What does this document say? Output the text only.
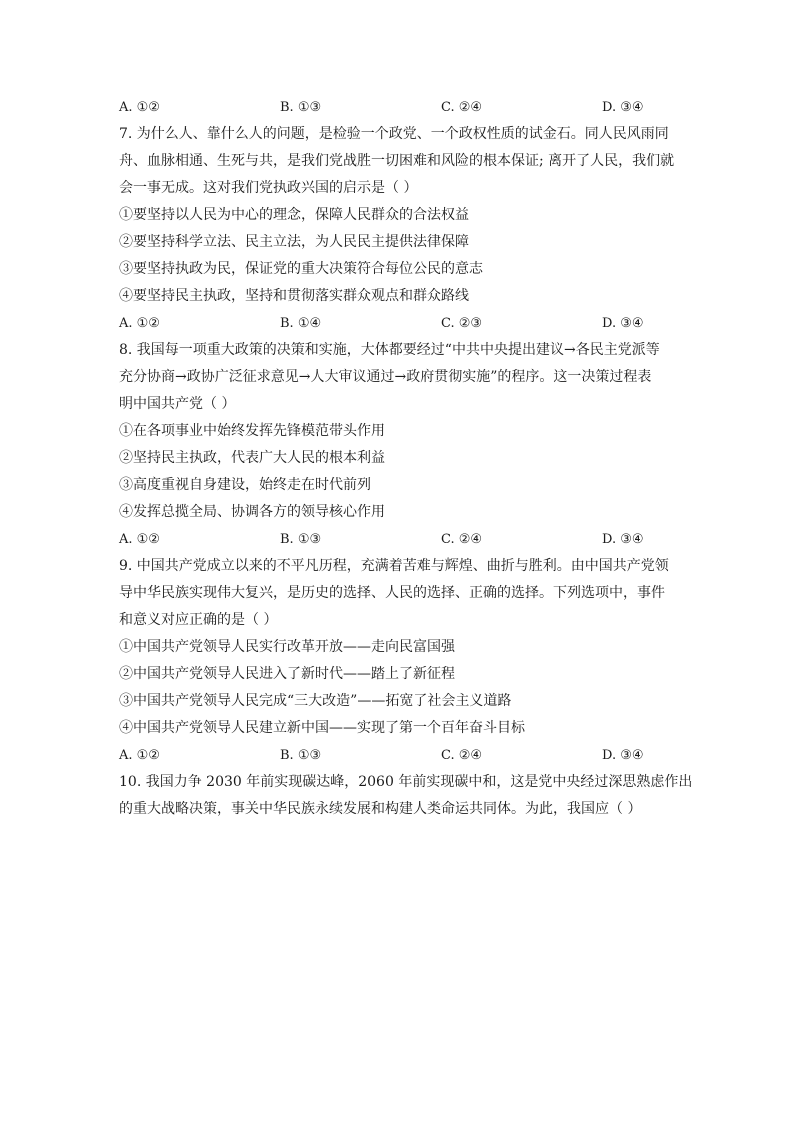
A. ①②	B. ①③	C. ②④	D. ③④
7. 为什么人、靠什么人的问题，是检验一个政党、一个政权性质的试金石。同人民风雨同
舟、血脉相通、生死与共，是我们党战胜一切困难和风险的根本保证; 离开了人民，我们就
会一事无成。这对我们党执政兴国的启示是（ ）
①要坚持以人民为中心的理念，保障人民群众的合法权益
②要坚持科学立法、民主立法，为人民民主提供法律保障
③要坚持执政为民，保证党的重大决策符合每位公民的意志
④要坚持民主执政，坚持和贯彻落实群众观点和群众路线
A. ①②	B. ①④	C. ②③	D. ③④
8. 我国每一项重大政策的决策和实施，大体都要经过“中共中央提出建议→各民主党派等
充分协商→政协广泛征求意见→人大审议通过→政府贯彻实施”的程序。这一决策过程表
明中国共产党（ ）
①在各项事业中始终发挥先锋模范带头作用
②坚持民主执政，代表广大人民的根本利益
③高度重视自身建设，始终走在时代前列
④发挥总揽全局、协调各方的领导核心作用
A. ①②	B. ①③	C. ②④	D. ③④
9. 中国共产党成立以来的不平凡历程，充满着苦难与辉煌、曲折与胜利。由中国共产党领
导中华民族实现伟大复兴，是历史的选择、人民的选择、正确的选择。下列选项中，事件
和意义对应正确的是（ ）
①中国共产党领导人民实行改革开放——走向民富国强
②中国共产党领导人民进入了新时代——踏上了新征程
③中国共产党领导人民完成“三大改造”——拓宽了社会主义道路
④中国共产党领导人民建立新中国——实现了第一个百年奋斗目标
A. ①②	B. ①③	C. ②④	D. ③④
10. 我国力争 2030 年前实现碳达峰，2060 年前实现碳中和，这是党中央经过深思熟虑作出
的重大战略决策，事关中华民族永续发展和构建人类命运共同体。为此，我国应（ ）
